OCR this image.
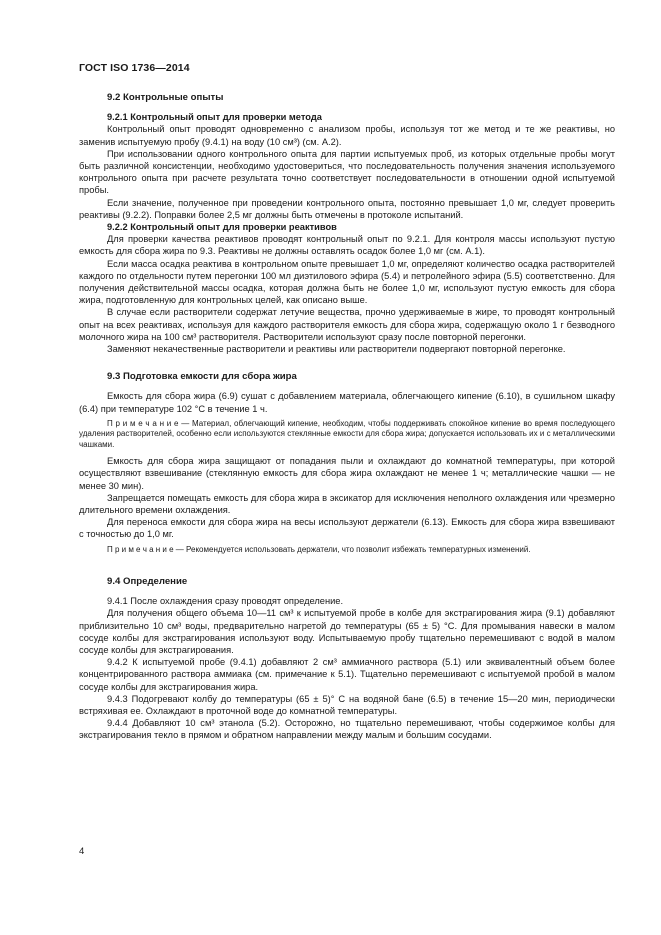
ГОСТ ISO 1736—2014

9.2 Контрольные опыты

9.2.1 Контрольный опыт для проверки метода

Контрольный опыт проводят одновременно с анализом пробы, используя тот же метод и те же реактивы, но заменив испытуемую пробу (9.4.1) на воду (10 см³) (см. А.2).

При использовании одного контрольного опыта для партии испытуемых проб, из которых отдельные пробы могут быть различной консистенции, необходимо удостовериться, что последовательность получения значения используемого контрольного опыта при расчете результата точно соответствует последовательности в отношении одной испытуемой пробы.

Если значение, полученное при проведении контрольного опыта, постоянно превышает 1,0 мг, следует проверить реактивы (9.2.2). Поправки более 2,5 мг должны быть отмечены в протоколе испытаний.

9.2.2 Контрольный опыт для проверки реактивов

Для проверки качества реактивов проводят контрольный опыт по 9.2.1. Для контроля массы используют пустую емкость для сбора жира по 9.3. Реактивы не должны оставлять осадок более 1,0 мг (см. А.1).

Если масса осадка реактива в контрольном опыте превышает 1,0 мг, определяют количество осадка растворителей каждого по отдельности путем перегонки 100 мл диэтилового эфира (5.4) и петролейного эфира (5.5) соответственно. Для получения действительной массы осадка, которая должна быть не более 1,0 мг, используют пустую емкость для сбора жира, подготовленную для контрольных целей, как описано выше.

В случае если растворители содержат летучие вещества, прочно удерживаемые в жире, то проводят контрольный опыт на всех реактивах, используя для каждого растворителя емкость для сбора жира, содержащую около 1 г безводного молочного жира на 100 см³ растворителя. Растворители используют сразу после повторной перегонки.

Заменяют некачественные растворители и реактивы или растворители подвергают повторной перегонке.

9.3 Подготовка емкости для сбора жира

Емкость для сбора жира (6.9) сушат с добавлением материала, облегчающего кипение (6.10), в сушильном шкафу (6.4) при температуре 102 °С в течение 1 ч.

П р и м е ч а н и е — Материал, облегчающий кипение, необходим, чтобы поддерживать спокойное кипение во время последующего удаления растворителей, особенно если используются стеклянные емкости для сбора жира; допускается использовать их и с металлическими чашками.

Емкость для сбора жира защищают от попадания пыли и охлаждают до комнатной температуры, при которой осуществляют взвешивание (стеклянную емкость для сбора жира охлаждают не менее 1 ч; металлические чашки — не менее 30 мин).

Запрещается помещать емкость для сбора жира в эксикатор для исключения неполного охлаждения или чрезмерно длительного времени охлаждения.

Для переноса емкости для сбора жира на весы используют держатели (6.13). Емкость для сбора жира взвешивают с точностью до 1,0 мг.

П р и м е ч а н и е — Рекомендуется использовать держатели, что позволит избежать температурных изменений.

9.4 Определение

9.4.1 После охлаждения сразу проводят определение.

Для получения общего объема 10—11 см³ к испытуемой пробе в колбе для экстрагирования жира (9.1) добавляют приблизительно 10 см³ воды, предварительно нагретой до температуры (65 ± 5) °С. Для промывания навески в малом сосуде колбы для экстрагирования используют воду. Испытываемую пробу тщательно перемешивают с водой в малом сосуде колбы для экстрагирования.

9.4.2 К испытуемой пробе (9.4.1) добавляют 2 см³ аммиачного раствора (5.1) или эквивалентный объем более концентрированного раствора аммиака (см. примечание к 5.1). Тщательно перемешивают с испытуемой пробой в малом сосуде колбы для экстрагирования жира.

9.4.3 Подогревают колбу до температуры (65 ± 5)° С на водяной бане (6.5) в течение 15—20 мин, периодически встряхивая ее. Охлаждают в проточной воде до комнатной температуры.

9.4.4 Добавляют 10 см³ этанола (5.2). Осторожно, но тщательно перемешивают, чтобы содержимое колбы для экстрагирования текло в прямом и обратном направлении между малым и большим сосудами.

4
